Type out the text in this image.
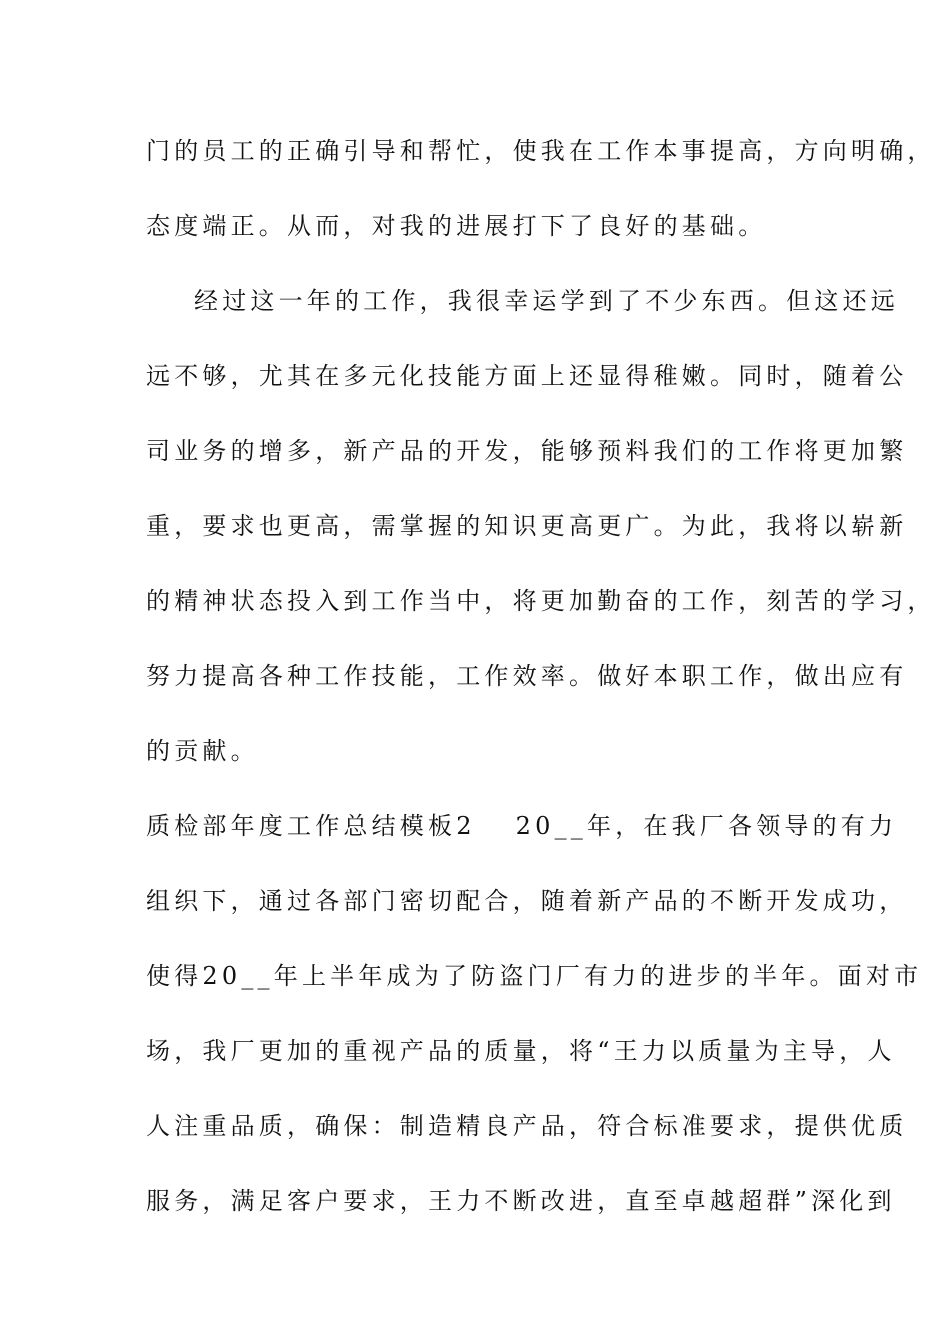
门的员工的正确引导和帮忙，使我在工作本事提高，方向明确，
态度端正。从而，对我的进展打下了良好的基础。
经过这一年的工作，我很幸运学到了不少东西。但这还远
远不够，尤其在多元化技能方面上还显得稚嫩。同时，随着公
司业务的增多，新产品的开发，能够预料我们的工作将更加繁
重，要求也更高，需掌握的知识更高更广。为此，我将以崭新
的精神状态投入到工作当中，将更加勤奋的工作，刻苦的学习，
努力提高各种工作技能，工作效率。做好本职工作，做出应有
的贡献。
质检部年度工作总结模板2 20__年，在我厂各领导的有力
组织下，通过各部门密切配合，随着新产品的不断开发成功，
使得20__年上半年成为了防盗门厂有力的进步的半年。面对市
场，我厂更加的重视产品的质量，将“王力以质量为主导，人
人注重品质，确保：制造精良产品，符合标准要求，提供优质
服务，满足客户要求，王力不断改进，直至卓越超群”深化到
